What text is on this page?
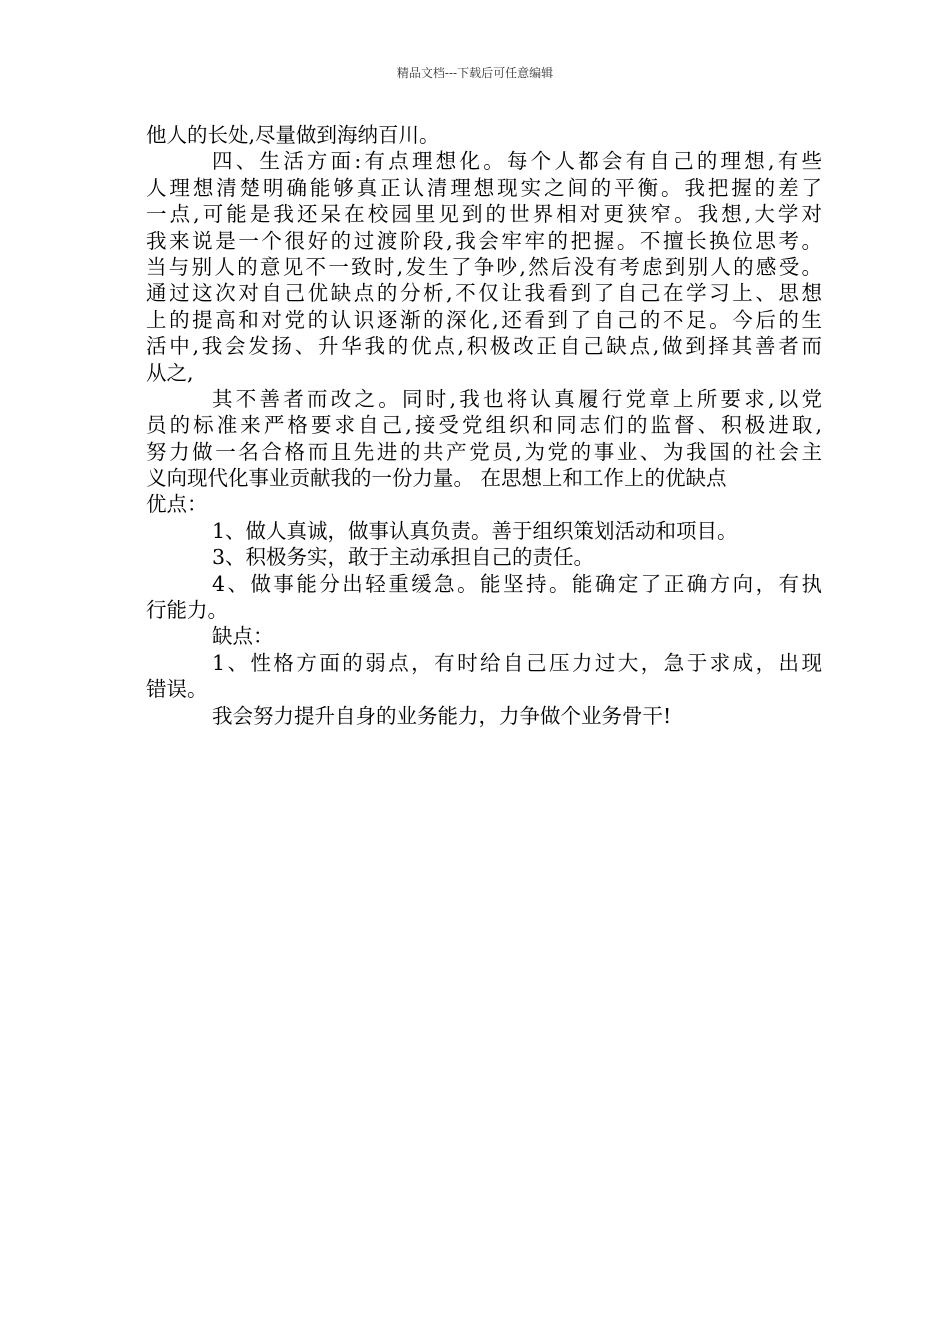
精品文档---下载后可任意编辑
他人的长处,尽量做到海纳百川。
四、生活方面:有点理想化。每个人都会有自己的理想,有些
人理想清楚明确能够真正认清理想现实之间的平衡。我把握的差了
一点,可能是我还呆在校园里见到的世界相对更狭窄。我想,大学对
我来说是一个很好的过渡阶段,我会牢牢的把握。不擅长换位思考。
当与别人的意见不一致时,发生了争吵,然后没有考虑到别人的感受。
通过这次对自己优缺点的分析,不仅让我看到了自己在学习上、思想
上的提高和对党的认识逐渐的深化,还看到了自己的不足。今后的生
活中,我会发扬、升华我的优点,积极改正自己缺点,做到择其善者而
从之,
其不善者而改之。同时,我也将认真履行党章上所要求,以党
员的标准来严格要求自己,接受党组织和同志们的监督、积极进取,
努力做一名合格而且先进的共产党员,为党的事业、为我国的社会主
义向现代化事业贡献我的一份力量。 在思想上和工作上的优缺点
优点：
1、做人真诚，做事认真负责。善于组织策划活动和项目。
3、积极务实，敢于主动承担自己的责任。
4、做事能分出轻重缓急。能坚持。能确定了正确方向，有执
行能力。
缺点：
1、性格方面的弱点，有时给自己压力过大，急于求成，出现
错误。
我会努力提升自身的业务能力，力争做个业务骨干!
